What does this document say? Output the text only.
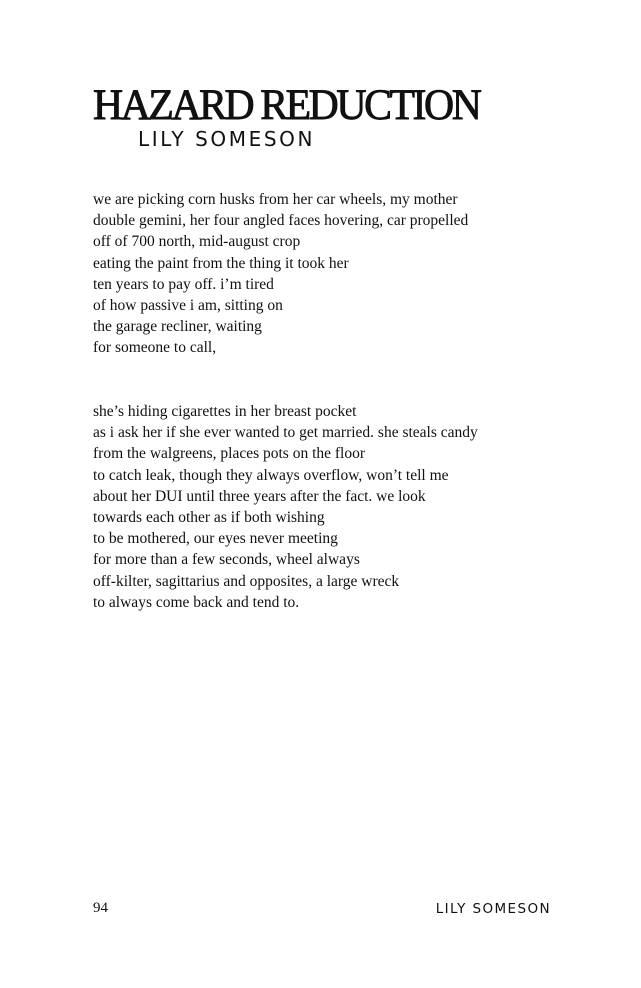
HAZARD REDUCTION
LILY SOMESON
we are picking corn husks from her car wheels, my mother
double gemini, her four angled faces hovering, car propelled
off of 700 north, mid-august crop
eating the paint from the thing it took her
ten years to pay off. i’m tired
of how passive i am, sitting on
the garage recliner, waiting
for someone to call,
she’s hiding cigarettes in her breast pocket
as i ask her if she ever wanted to get married. she steals candy
from the walgreens, places pots on the floor
to catch leak, though they always overflow, won’t tell me
about her DUI until three years after the fact. we look
towards each other as if both wishing
to be mothered, our eyes never meeting
for more than a few seconds, wheel always
off-kilter, sagittarius and opposites, a large wreck
to always come back and tend to.
94	LILY SOMESON
